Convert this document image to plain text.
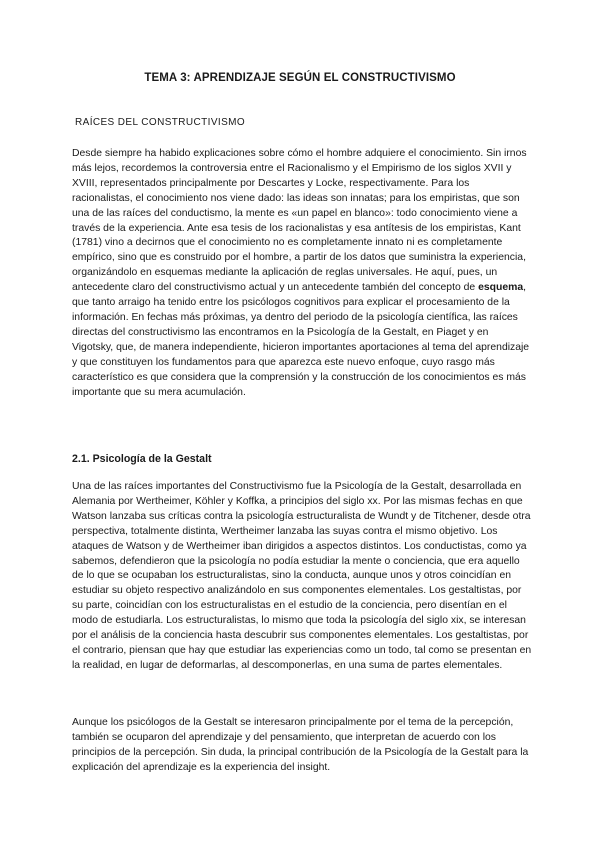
TEMA 3: APRENDIZAJE SEGÚN EL CONSTRUCTIVISMO
RAÍCES DEL CONSTRUCTIVISMO

Desde siempre ha habido explicaciones sobre cómo el hombre adquiere el conocimiento. Sin irnos más lejos, recordemos la controversia entre el Racionalismo y el Empirismo de los siglos XVII y XVIII, representados principalmente por Descartes y Locke, respectivamente. Para los racionalistas, el conocimiento nos viene dado: las ideas son innatas; para los empiristas, que son una de las raíces del conductismo, la mente es «un papel en blanco»: todo conocimiento viene a través de la experiencia. Ante esa tesis de los racionalistas y esa antítesis de los empiristas, Kant (1781) vino a decirnos que el conocimiento no es completamente innato ni es completamente empírico, sino que es construido por el hombre, a partir de los datos que suministra la experiencia, organizándolo en esquemas mediante la aplicación de reglas universales. He aquí, pues, un antecedente claro del constructivismo actual y un antecedente también del concepto de esquema, que tanto arraigo ha tenido entre los psicólogos cognitivos para explicar el procesamiento de la información. En fechas más próximas, ya dentro del periodo de la psicología científica, las raíces directas del constructivismo las encontramos en la Psicología de la Gestalt, en Piaget y en Vigotsky, que, de manera independiente, hicieron importantes aportaciones al tema del aprendizaje y que constituyen los fundamentos para que aparezca este nuevo enfoque, cuyo rasgo más característico es que considera que la comprensión y la construcción de los conocimientos es más importante que su mera acumulación.

2.1. Psicología de la Gestalt

Una de las raíces importantes del Constructivismo fue la Psicología de la Gestalt, desarrollada en Alemania por Wertheimer, Köhler y Koffka, a principios del siglo xx. Por las mismas fechas en que Watson lanzaba sus críticas contra la psicología estructuralista de Wundt y de Titchener, desde otra perspectiva, totalmente distinta, Wertheimer lanzaba las suyas contra el mismo objetivo. Los ataques de Watson y de Wertheimer iban dirigidos a aspectos distintos. Los conductistas, como ya sabemos, defendieron que la psicología no podía estudiar la mente o conciencia, que era aquello de lo que se ocupaban los estructuralistas, sino la conducta, aunque unos y otros coincidían en estudiar su objeto respectivo analizándolo en sus componentes elementales. Los gestaltistas, por su parte, coincidían con los estructuralistas en el estudio de la conciencia, pero disentían en el modo de estudiarla. Los estructuralistas, lo mismo que toda la psicología del siglo xix, se interesan por el análisis de la conciencia hasta descubrir sus componentes elementales. Los gestaltistas, por el contrario, piensan que hay que estudiar las experiencias como un todo, tal como se presentan en la realidad, en lugar de deformarlas, al descomponerlas, en una suma de partes elementales.

Aunque los psicólogos de la Gestalt se interesaron principalmente por el tema de la percepción, también se ocuparon del aprendizaje y del pensamiento, que interpretan de acuerdo con los principios de la percepción. Sin duda, la principal contribución de la Psicología de la Gestalt para la explicación del aprendizaje es la experiencia del insight.
